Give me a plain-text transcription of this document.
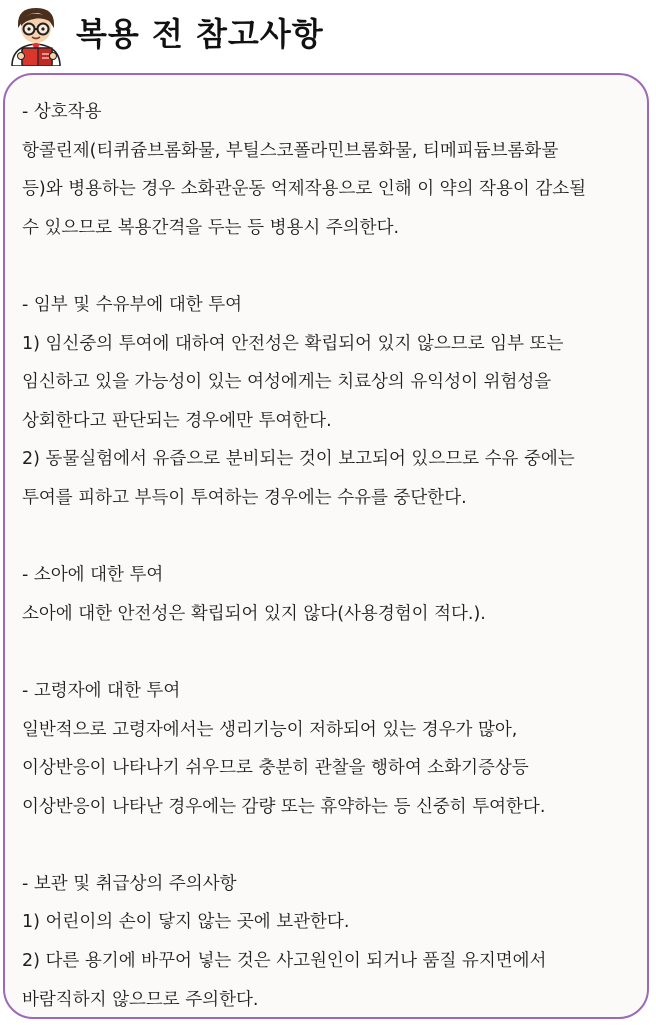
복용 전 참고사항
- 상호작용
항콜린제(티퀴쥼브롬화물, 부틸스코폴라민브롬화물, 티메피듐브롬화물
등)와 병용하는 경우 소화관운동 억제작용으로 인해 이 약의 작용이 감소될
수 있으므로 복용간격을 두는 등 병용시 주의한다.
- 임부 및 수유부에 대한 투여
1) 임신중의 투여에 대하여 안전성은 확립되어 있지 않으므로 임부 또는
임신하고 있을 가능성이 있는 여성에게는 치료상의 유익성이 위험성을
상회한다고 판단되는 경우에만 투여한다.
2) 동물실험에서 유즙으로 분비되는 것이 보고되어 있으므로 수유 중에는
투여를 피하고 부득이 투여하는 경우에는 수유를 중단한다.
- 소아에 대한 투여
소아에 대한 안전성은 확립되어 있지 않다(사용경험이 적다.).
- 고령자에 대한 투여
일반적으로 고령자에서는 생리기능이 저하되어 있는 경우가 많아,
이상반응이 나타나기 쉬우므로 충분히 관찰을 행하여 소화기증상등
이상반응이 나타난 경우에는 감량 또는 휴약하는 등 신중히 투여한다.
- 보관 및 취급상의 주의사항
1) 어린이의 손이 닿지 않는 곳에 보관한다.
2) 다른 용기에 바꾸어 넣는 것은 사고원인이 되거나 품질 유지면에서
바람직하지 않으므로 주의한다.
